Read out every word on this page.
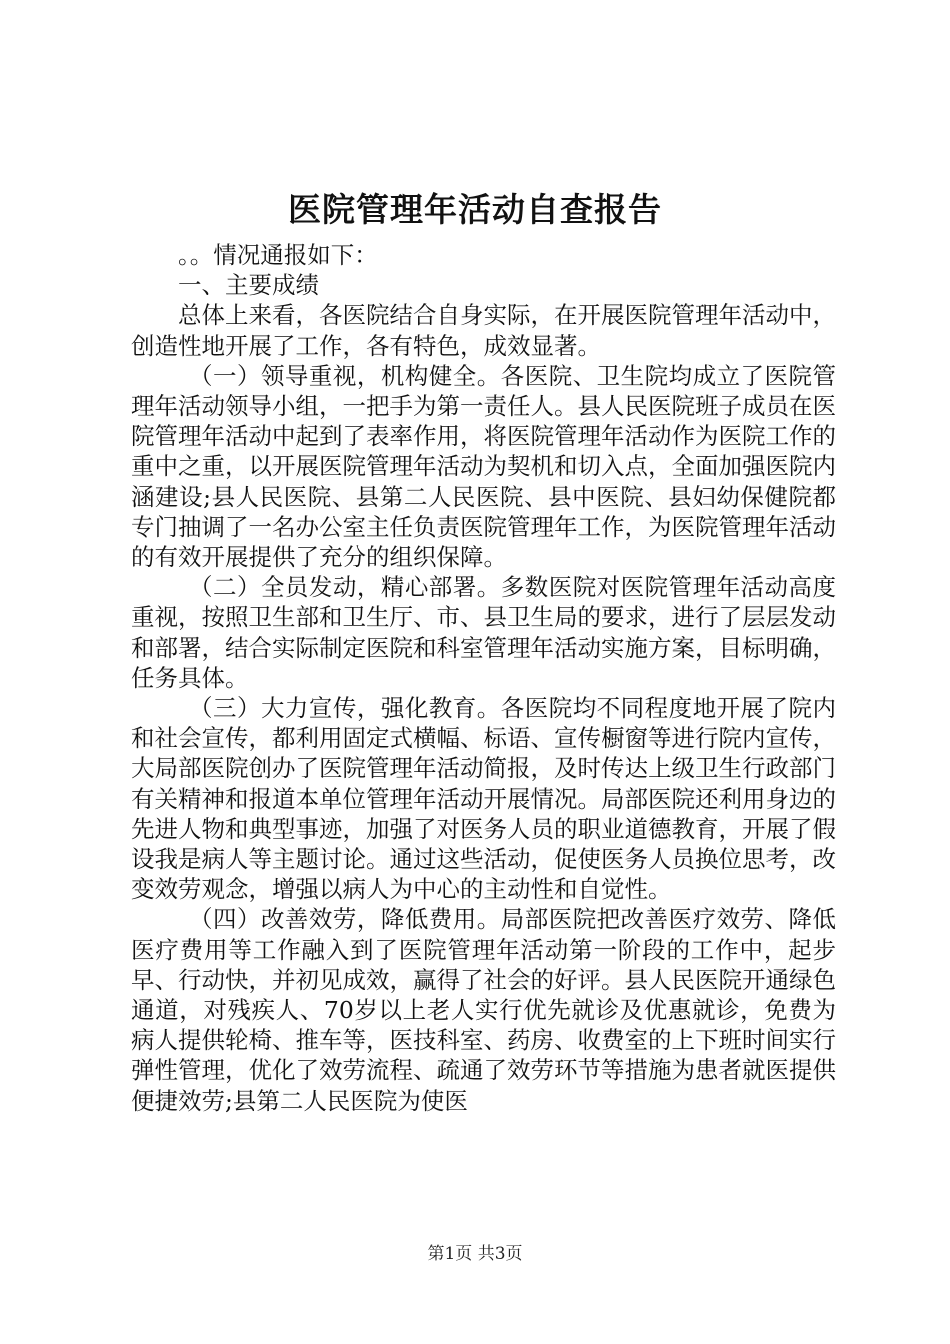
医院管理年活动自查报告

。。情况通报如下：

一、主要成绩

总体上来看，各医院结合自身实际，在开展医院管理年活动中，创造性地开展了工作，各有特色，成效显著。

（一）领导重视，机构健全。各医院、卫生院均成立了医院管理年活动领导小组，一把手为第一责任人。县人民医院班子成员在医院管理年活动中起到了表率作用，将医院管理年活动作为医院工作的重中之重，以开展医院管理年活动为契机和切入点，全面加强医院内涵建设;县人民医院、县第二人民医院、县中医院、县妇幼保健院都专门抽调了一名办公室主任负责医院管理年工作，为医院管理年活动的有效开展提供了充分的组织保障。

（二）全员发动，精心部署。多数医院对医院管理年活动高度重视，按照卫生部和卫生厅、市、县卫生局的要求，进行了层层发动和部署，结合实际制定医院和科室管理年活动实施方案，目标明确，任务具体。

（三）大力宣传，强化教育。各医院均不同程度地开展了院内和社会宣传，都利用固定式横幅、标语、宣传橱窗等进行院内宣传，大局部医院创办了医院管理年活动简报，及时传达上级卫生行政部门有关精神和报道本单位管理年活动开展情况。局部医院还利用身边的先进人物和典型事迹，加强了对医务人员的职业道德教育，开展了假设我是病人等主题讨论。通过这些活动，促使医务人员换位思考，改变效劳观念，增强以病人为中心的主动性和自觉性。

（四）改善效劳，降低费用。局部医院把改善医疗效劳、降低医疗费用等工作融入到了医院管理年活动第一阶段的工作中，起步早、行动快，并初见成效，赢得了社会的好评。县人民医院开通绿色通道，对残疾人、70岁以上老人实行优先就诊及优惠就诊，免费为病人提供轮椅、推车等，医技科室、药房、收费室的上下班时间实行弹性管理，优化了效劳流程、疏通了效劳环节等措施为患者就医提供便捷效劳;县第二人民医院为使医

第1页 共3页
